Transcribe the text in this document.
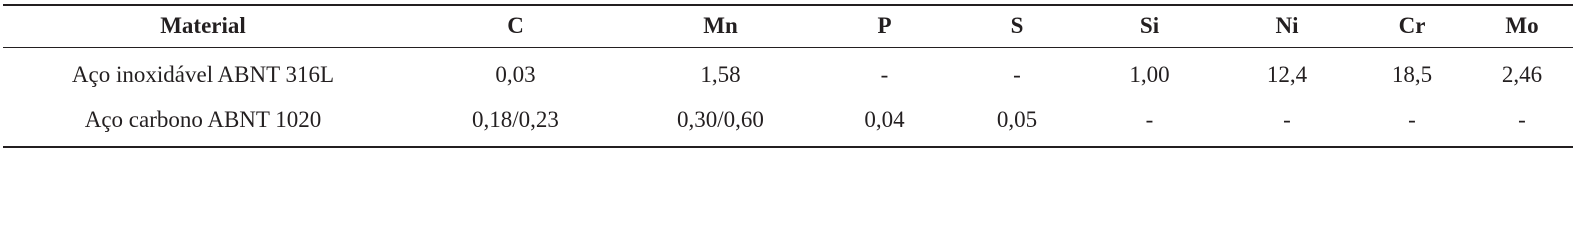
Material	C	Mn	P	S	Si	Ni	Cr	Mo
Aço inoxidável ABNT 316L	0,03	1,58	-	-	1,00	12,4	18,5	2,46
Aço carbono ABNT 1020	0,18/0,23	0,30/0,60	0,04	0,05	-	-	-	-
